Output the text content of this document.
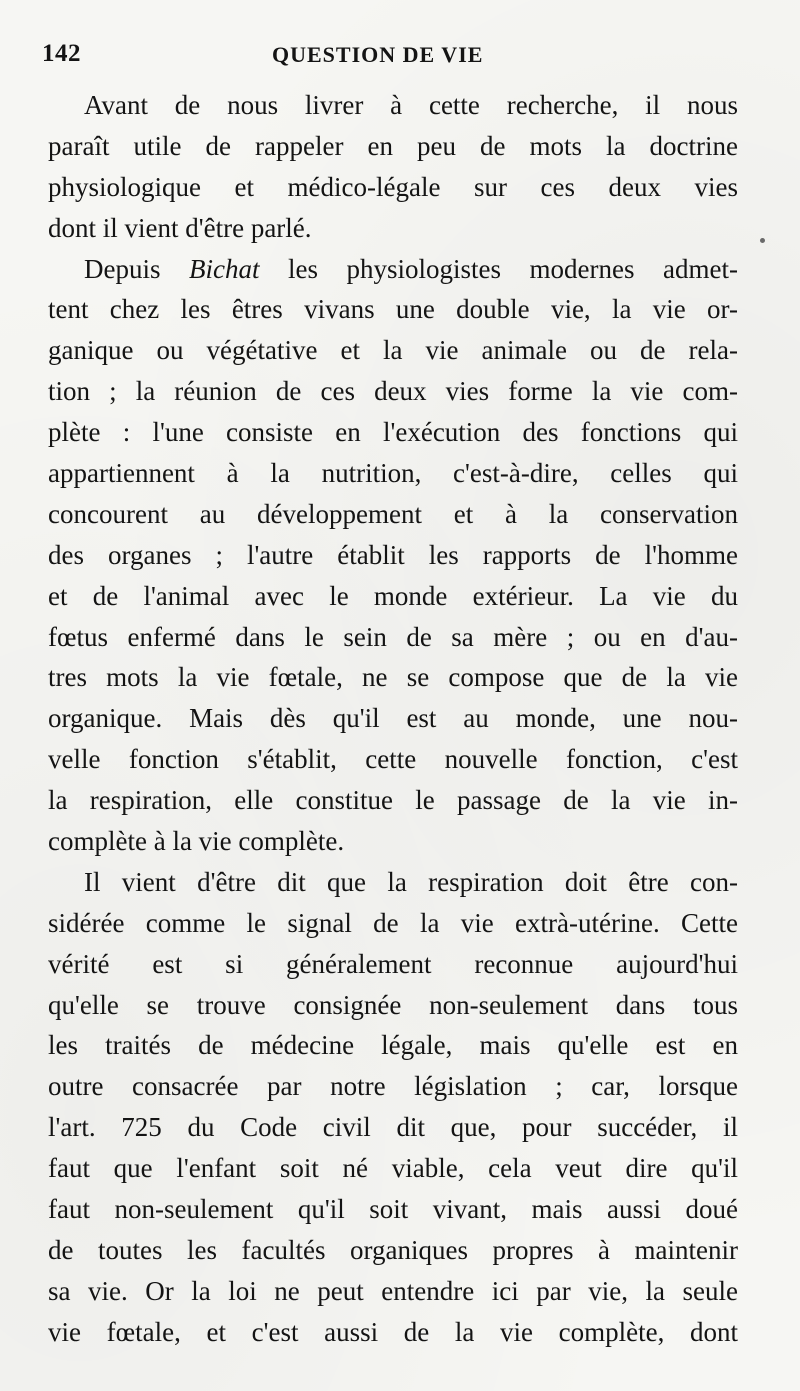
142	QUESTION DE VIE
Avant de nous livrer à cette recherche, il nous
paraît utile de rappeler en peu de mots la doctrine
physiologique et médico-légale sur ces deux vies
dont il vient d'être parlé.
Depuis Bichat les physiologistes modernes admet-
tent chez les êtres vivans une double vie, la vie or-
ganique ou végétative et la vie animale ou de rela-
tion ; la réunion de ces deux vies forme la vie com-
plète : l'une consiste en l'exécution des fonctions qui
appartiennent à la nutrition, c'est-à-dire, celles qui
concourent au développement et à la conservation
des organes ; l'autre établit les rapports de l'homme
et de l'animal avec le monde extérieur. La vie du
fœtus enfermé dans le sein de sa mère ; ou en d'au-
tres mots la vie fœtale, ne se compose que de la vie
organique. Mais dès qu'il est au monde, une nou-
velle fonction s'établit, cette nouvelle fonction, c'est
la respiration, elle constitue le passage de la vie in-
complète à la vie complète.
Il vient d'être dit que la respiration doit être con-
sidérée comme le signal de la vie extrà-utérine. Cette
vérité est si généralement reconnue aujourd'hui
qu'elle se trouve consignée non-seulement dans tous
les traités de médecine légale, mais qu'elle est en
outre consacrée par notre législation ; car, lorsque
l'art. 725 du Code civil dit que, pour succéder, il
faut que l'enfant soit né viable, cela veut dire qu'il
faut non-seulement qu'il soit vivant, mais aussi doué
de toutes les facultés organiques propres à maintenir
sa vie. Or la loi ne peut entendre ici par vie, la seule
vie fœtale, et c'est aussi de la vie complète, dont
